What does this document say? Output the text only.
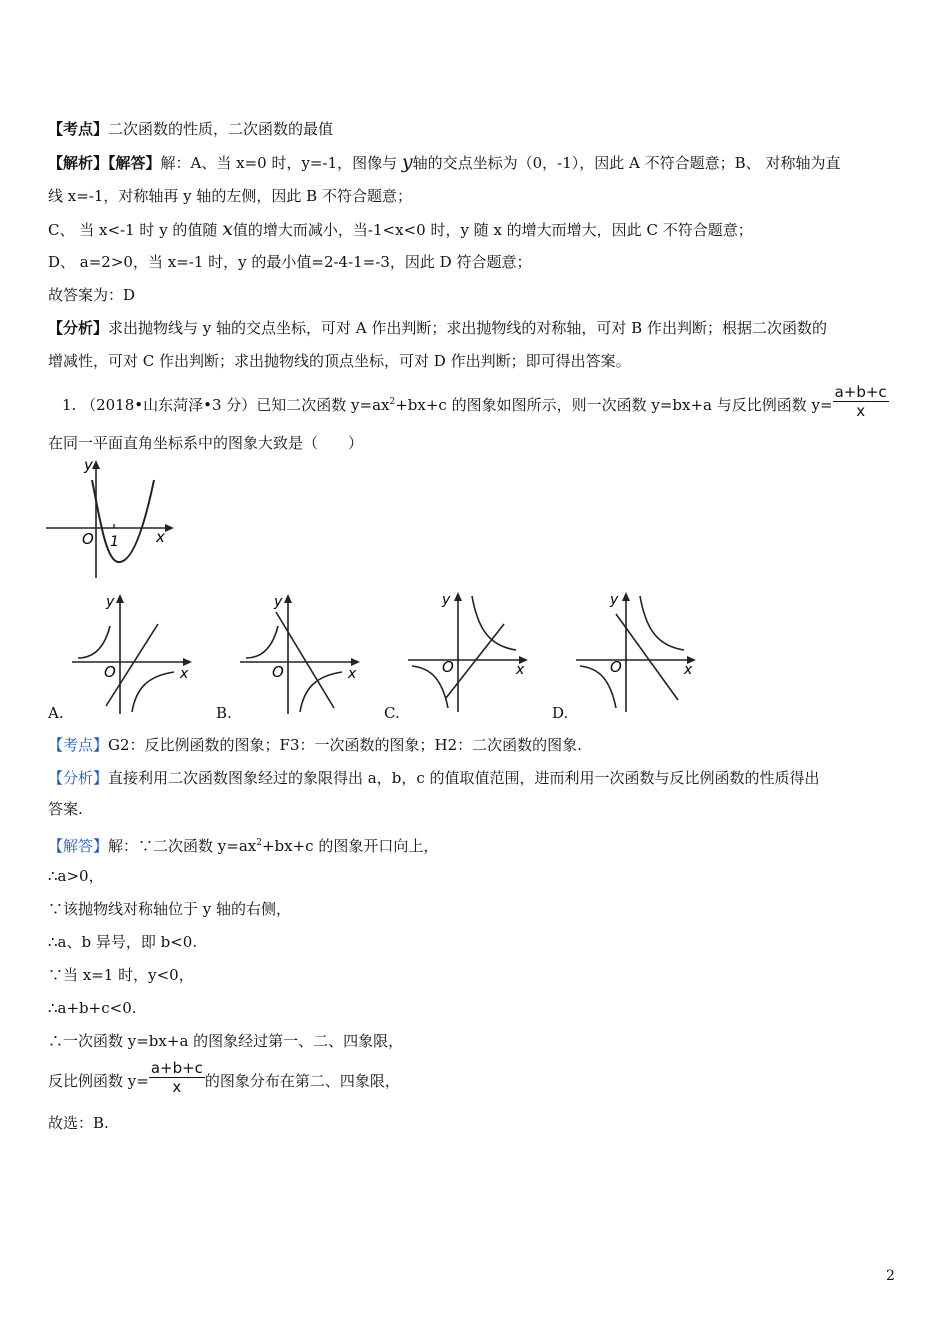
【考点】二次函数的性质，二次函数的最值
【解析】【解答】解：A、当 x=0 时，y=-1，图像与 y轴的交点坐标为（0，-1），因此 A 不符合题意；B、 对称轴为直
线 x=-1，对称轴再 y 轴的左侧，因此 B 不符合题意；
C、 当 x<-1 时 y 的值随 x值的增大而减小，当-1<x<0 时，y 随 x 的增大而增大，因此 C 不符合题意；
D、 a=2>0，当 x=-1 时，y 的最小值=2-4-1=-3，因此 D 符合题意；
故答案为：D
【分析】求出抛物线与 y 轴的交点坐标，可对 A 作出判断；求出抛物线的对称轴，可对 B 作出判断；根据二次函数的
增减性，可对 C 作出判断；求出抛物线的顶点坐标，可对 D 作出判断；即可得出答案。
1. （2018•山东菏泽•3 分）已知二次函数 $y=ax^2+bx+c$ 的图象如图所示，则一次函数 y=bx+a 与反比例函数 $y= \frac{a+b+c}{x}$
在同一平面直角坐标系中的图象大致是（　　）
y
O 1 x
y
O	x
A.
y
O	x
B.
y
O	x
C.
y
O	x
D.
【考点】G2：反比例函数的图象；F3：一次函数的图象；H2：二次函数的图象.
【分析】直接利用二次函数图象经过的象限得出 a，b，c 的值取值范围，进而利用一次函数与反比例函数的性质得出
答案.
【解答】解：∵二次函数 $y=ax^2+bx+c$ 的图象开口向上，
∴a>0，
∵该抛物线对称轴位于 y 轴的右侧，
∴a、b 异号，即 b<0.
∵当 x=1 时，y<0，
∴a+b+c<0.
∴一次函数 y=bx+a 的图象经过第一、二、四象限，
反比例函数 $y= \frac{a+b+c}{x}$ 的图象分布在第二、四象限，
故选：B.
2
